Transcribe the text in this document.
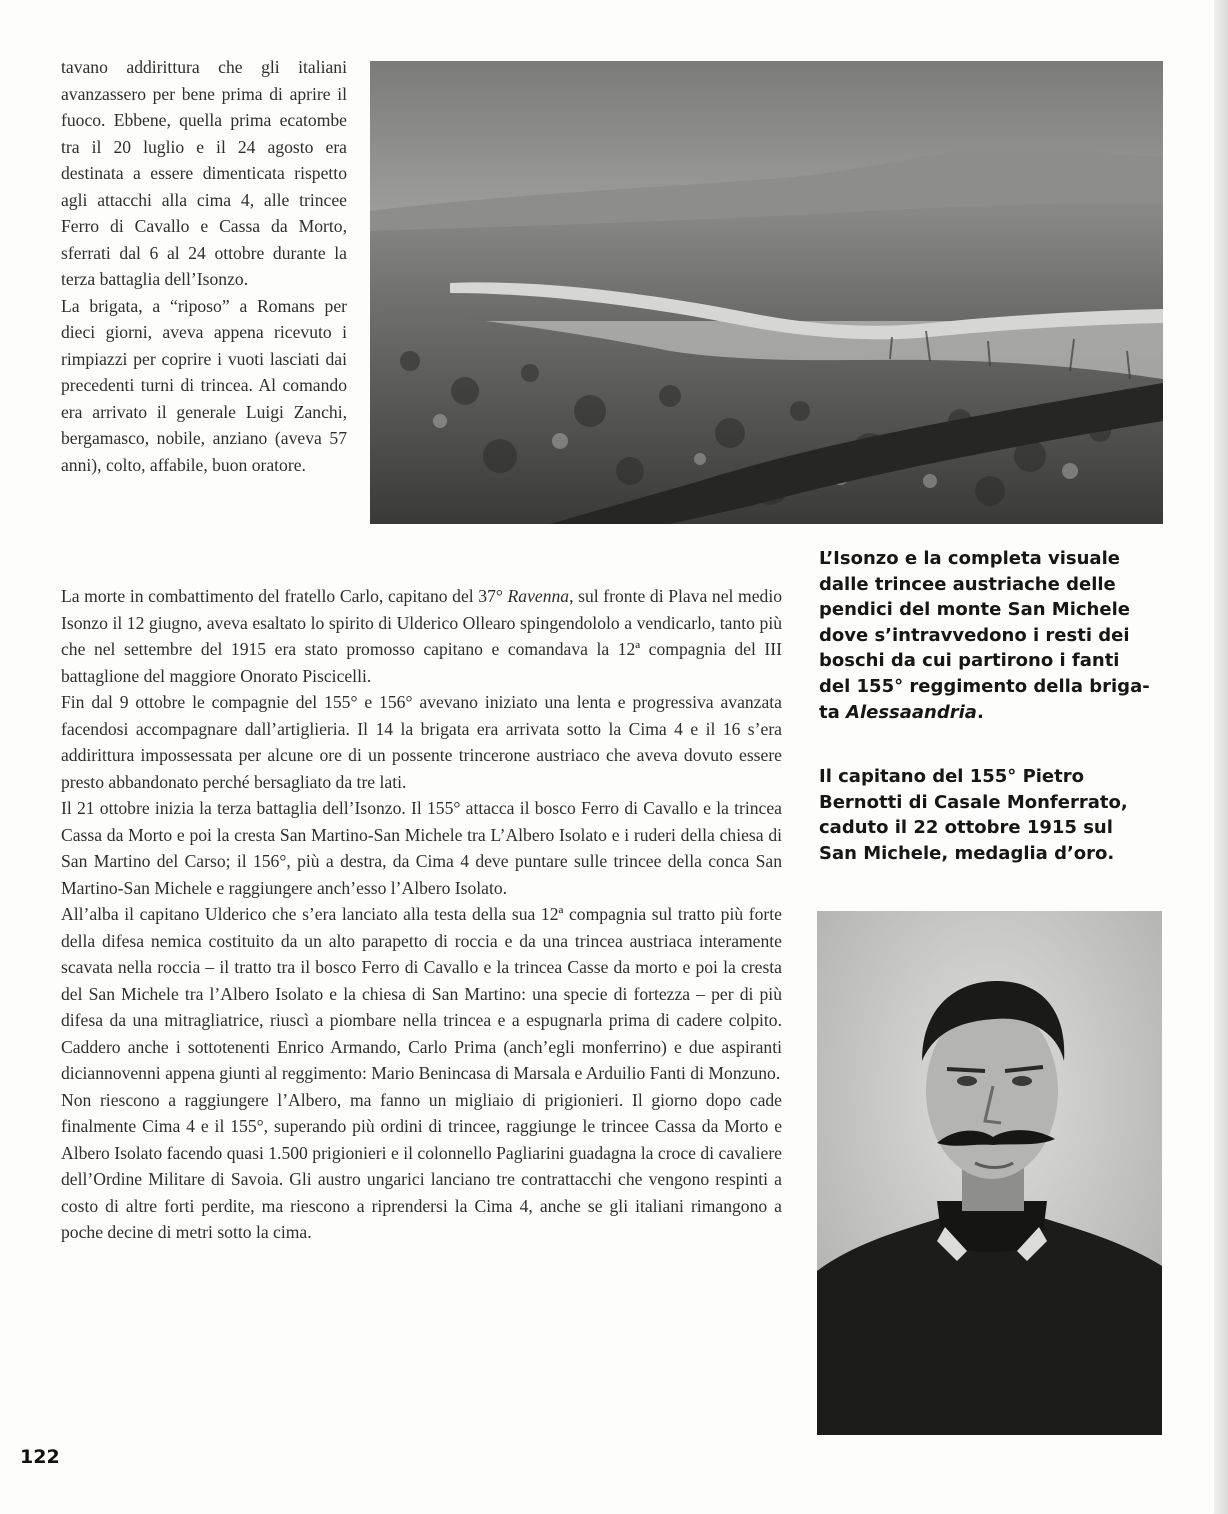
tavano addirittura che gli italiani avanzassero per bene prima di aprire il fuoco. Ebbene, quella prima ecatombe tra il 20 luglio e il 24 agosto era destinata a essere dimenticata rispetto agli attacchi alla cima 4, alle trincee Ferro di Cavallo e Cassa da Morto, sferrati dal 6 al 24 ottobre durante la terza battaglia dell’Isonzo.

La brigata, a “riposo” a Romans per dieci giorni, aveva appena ricevuto i rimpiazzi per coprire i vuoti lasciati dai precedenti turni di trincea. Al comando era arrivato il generale Luigi Zanchi, bergamasco, nobile, anziano (aveva 57 anni), colto, affabile, buon oratore.

La morte in combattimento del fratello Carlo, capitano del 37° Ravenna, sul fronte di Plava nel medio Isonzo il 12 giugno, aveva esaltato lo spirito di Ulderico Ollearo spingendololo a vendicarlo, tanto più che nel settembre del 1915 era stato promosso capitano e comandava la 12ª compagnia del III battaglione del maggiore Onorato Piscicelli.

Fin dal 9 ottobre le compagnie del 155° e 156° avevano iniziato una lenta e progressiva avanzata facendosi accompagnare dall’artiglieria. Il 14 la brigata era arrivata sotto la Cima 4 e il 16 s’era addirittura impossessata per alcune ore di un possente trincerone austriaco che aveva dovuto essere presto abbandonato perché bersagliato da tre lati.

Il 21 ottobre inizia la terza battaglia dell’Isonzo. Il 155° attacca il bosco Ferro di Cavallo e la trincea Cassa da Morto e poi la cresta San Martino-San Michele tra L’Albero Isolato e i ruderi della chiesa di San Martino del Carso; il 156°, più a destra, da Cima 4 deve puntare sulle trincee della conca San Martino-San Michele e raggiungere anch’esso l’Albero Isolato.

All’alba il capitano Ulderico che s’era lanciato alla testa della sua 12ª compagnia sul tratto più forte della difesa nemica costituito da un alto parapetto di roccia e da una trincea austriaca interamente scavata nella roccia – il tratto tra il bosco Ferro di Cavallo e la trincea Casse da morto e poi la cresta del San Michele tra l’Albero Isolato e la chiesa di San Martino: una specie di fortezza – per di più difesa da una mitragliatrice, riuscì a piombare nella trincea e a espugnarla prima di cadere colpito. Caddero anche i sottotenenti Enrico Armando, Carlo Prima (anch’egli monferrino) e due aspiranti diciannovenni appena giunti al reggimento: Mario Benincasa di Marsala e Arduilio Fanti di Monzuno.

Non riescono a raggiungere l’Albero, ma fanno un migliaio di prigionieri. Il giorno dopo cade finalmente Cima 4 e il 155°, superando più ordini di trincee, raggiunge le trincee Cassa da Morto e Albero Isolato facendo quasi 1.500 prigionieri e il colonnello Pagliarini guadagna la croce di cavaliere dell’Ordine Militare di Savoia. Gli austro ungarici lanciano tre contrattacchi che vengono respinti a costo di altre forti perdite, ma riescono a riprendersi la Cima 4, anche se gli italiani rimangono a poche decine di metri sotto la cima.

L’Isonzo e la completa visuale dalle trincee austriache delle pendici del monte San Michele dove s’intravvedono i resti dei boschi da cui partirono i fanti del 155° reggimento della brigata Alessaandria.
Il capitano del 155° Pietro Bernotti di Casale Monferrato, caduto il 22 ottobre 1915 sul San Michele, medaglia d’oro.
122
